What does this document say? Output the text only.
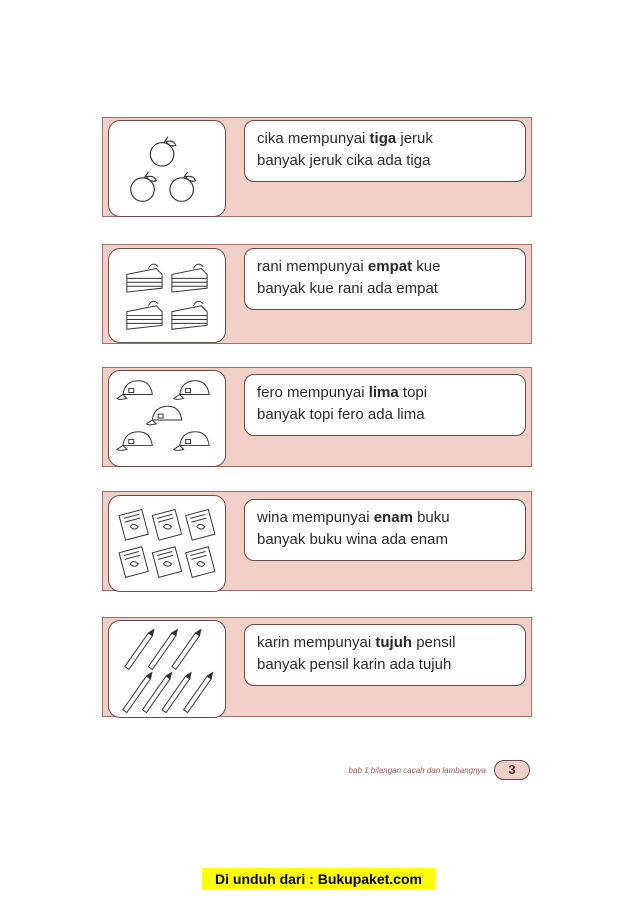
cika mempunyai tiga jeruk
banyak jeruk cika ada tiga
rani mempunyai empat kue
banyak kue rani ada empat
fero mempunyai lima topi
banyak topi fero ada lima
wina mempunyai enam buku
banyak buku wina ada enam
karin mempunyai tujuh pensil
banyak pensil karin ada tujuh
bab 1 bilangan cacah dan lambangnya	3
Di unduh dari : Bukupaket.com
